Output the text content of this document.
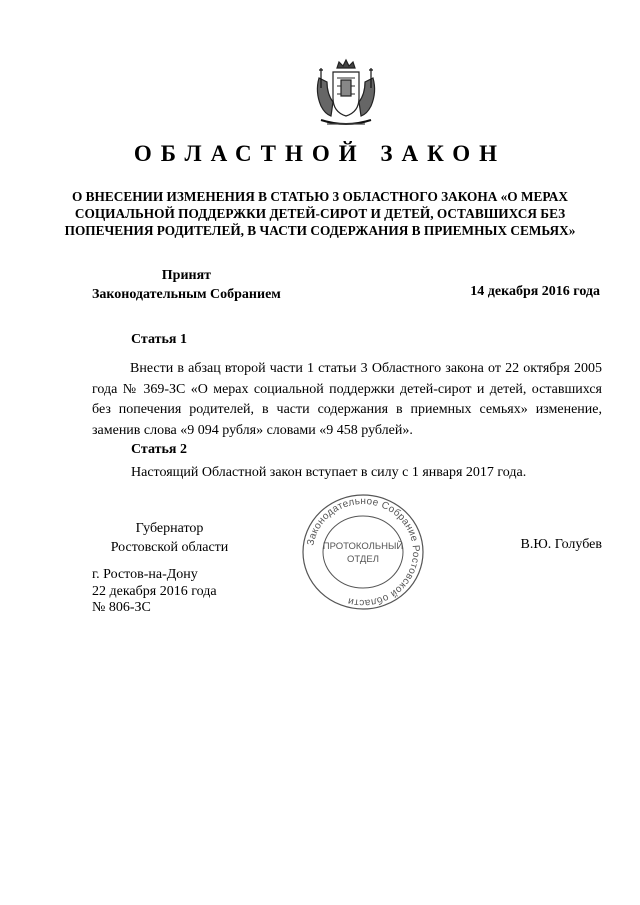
ОБЛАСТНОЙ ЗАКОН
О ВНЕСЕНИИ ИЗМЕНЕНИЯ В СТАТЬЮ 3 ОБЛАСТНОГО ЗАКОНА «О МЕРАХ СОЦИАЛЬНОЙ ПОДДЕРЖКИ ДЕТЕЙ-СИРОТ И ДЕТЕЙ, ОСТАВШИХСЯ БЕЗ ПОПЕЧЕНИЯ РОДИТЕЛЕЙ, В ЧАСТИ СОДЕРЖАНИЯ В ПРИЕМНЫХ СЕМЬЯХ»
Принят
Законодательным Собранием	14 декабря 2016 года
Статья 1
Внести в абзац второй части 1 статьи 3 Областного закона от 22 октября 2005 года № 369-ЗС «О мерах социальной поддержки детей-сирот и детей, оставшихся без попечения родителей, в части содержания в приемных семьях» изменение, заменив слова «9 094 рубля» словами «9 458 рублей».
Статья 2
Настоящий Областной закон вступает в силу с 1 января 2017 года.
Губернатор
Ростовской области	Законодательное Собрание Ростовской области
ПРОТОКОЛЬНЫЙ
ОТДЕЛ
В.Ю. Голубев
г. Ростов-на-Дону
22 декабря 2016 года
№ 806-ЗС
